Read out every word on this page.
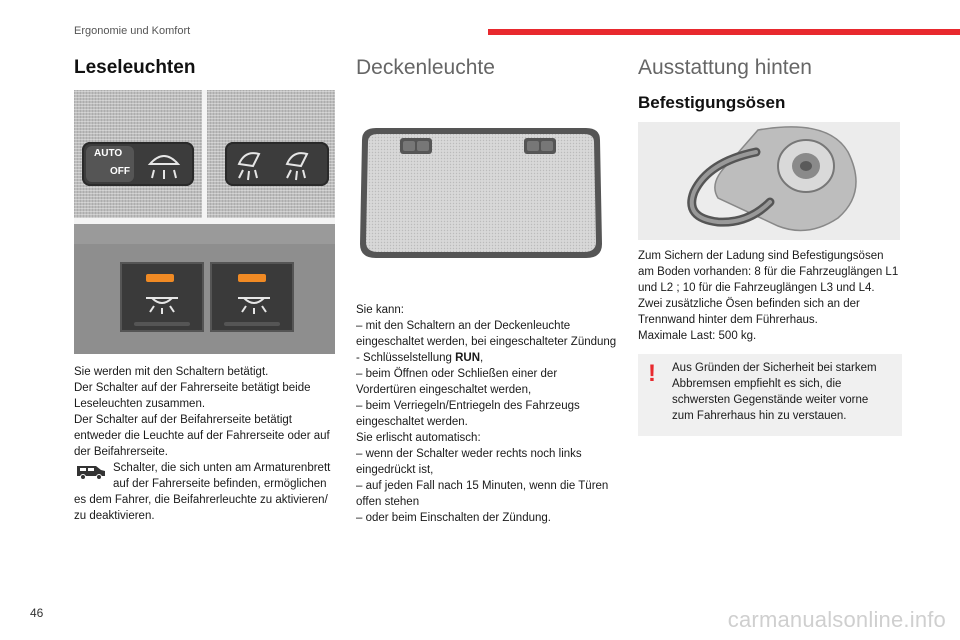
Ergonomie und Komfort
Leseleuchten
AUTO
OFF

Sie werden mit den Schaltern betätigt.

Der Schalter auf der Fahrerseite betätigt beide Leseleuchten zusammen.

Der Schalter auf der Beifahrerseite betätigt entweder die Leuchte auf der Fahrerseite oder auf der Beifahrerseite.

Schalter, die sich unten am Armaturenbrett auf der Fahrerseite befinden, ermöglichen es dem Fahrer, die Beifahrerleuchte zu aktivieren/ zu deaktivieren.

Deckenleuchte

Sie kann:

– mit den Schaltern an der Deckenleuchte eingeschaltet werden, bei eingeschalteter Zündung - Schlüsselstellung RUN,

– beim Öffnen oder Schließen einer der Vordertüren eingeschaltet werden,

– beim Verriegeln/Entriegeln des Fahrzeugs eingeschaltet werden.

Sie erlischt automatisch:

– wenn der Schalter weder rechts noch links eingedrückt ist,

– auf jeden Fall nach 15 Minuten, wenn die Türen offen stehen

– oder beim Einschalten der Zündung.

Ausstattung hinten
Befestigungsösen

Zum Sichern der Ladung sind Befestigungsösen am Boden vorhanden: 8 für die Fahrzeuglängen L1 und L2 ; 10 für die Fahrzeuglängen L3 und L4.

Zwei zusätzliche Ösen befinden sich an der Trennwand hinter dem Führerhaus.

Maximale Last: 500 kg.

!	Aus Gründen der Sicherheit bei starkem Abbremsen empfiehlt es sich, die schwersten Gegenstände weiter vorne zum Fahrerhaus hin zu verstauen.
46	carmanualsonline.info
